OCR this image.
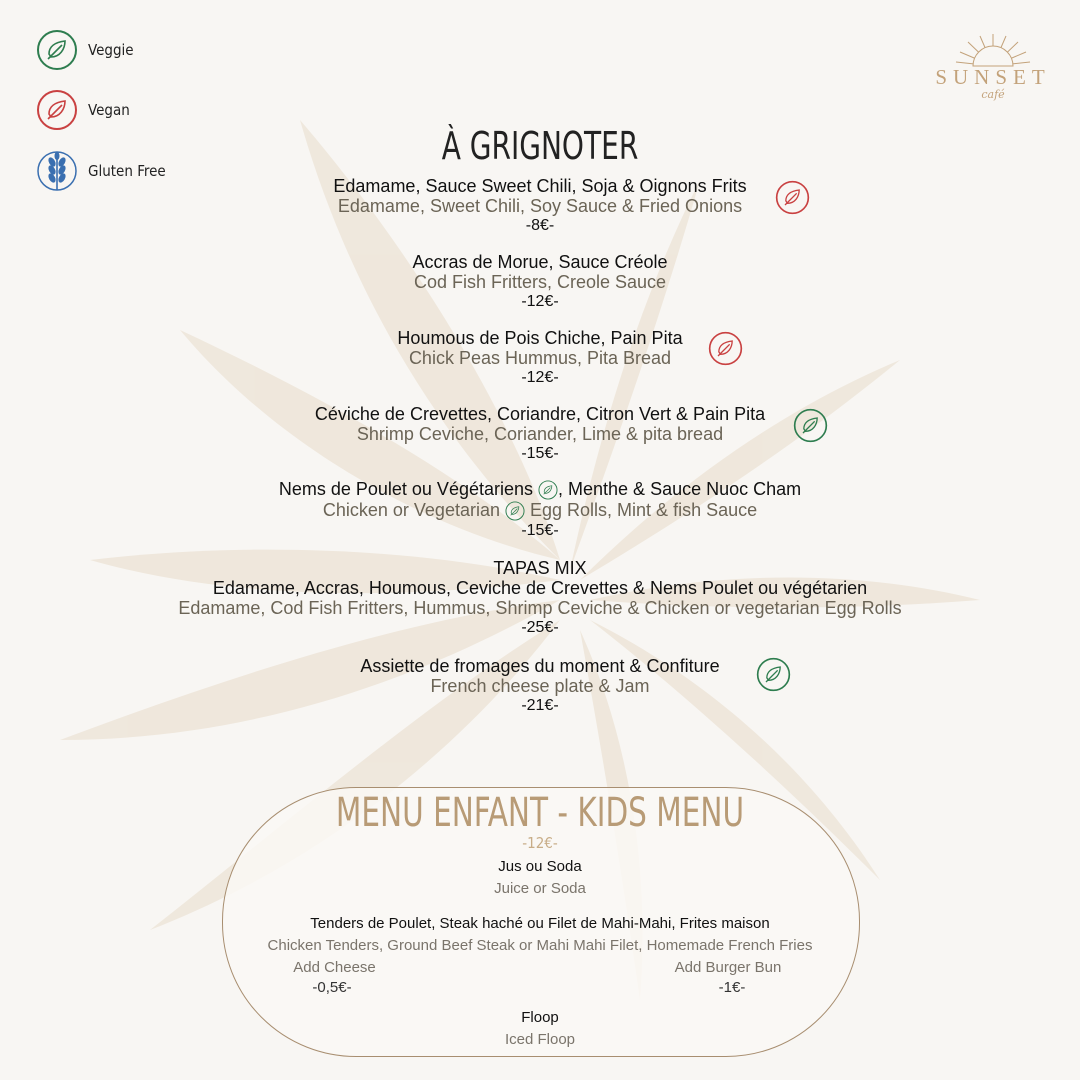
Veggie
Vegan
Gluten Free
SUNSET
café
À GRIGNOTER
Edamame, Sauce Sweet Chili, Soja & Oignons Frits
Edamame, Sweet Chili, Soy Sauce & Fried Onions
-8€-
Accras de Morue, Sauce Créole
Cod Fish Fritters, Creole Sauce
-12€-
Houmous de Pois Chiche, Pain Pita
Chick Peas Hummus, Pita Bread
-12€-
Céviche de Crevettes, Coriandre, Citron Vert & Pain Pita
Shrimp Ceviche, Coriander, Lime & pita bread
-15€-
Nems de Poulet ou Végétariens , Menthe & Sauce Nuoc Cham
Chicken or Vegetarian Egg Rolls, Mint & fish Sauce
-15€-
TAPAS MIX
Edamame, Accras, Houmous, Ceviche de Crevettes & Nems Poulet ou végétarien
Edamame, Cod Fish Fritters, Hummus, Shrimp Ceviche & Chicken or vegetarian Egg Rolls
-25€-
Assiette de fromages du moment & Confiture
French cheese plate & Jam
-21€-
MENU ENFANT - KIDS MENU
-12€-
Jus ou Soda
Juice or Soda
Tenders de Poulet, Steak haché ou Filet de Mahi-Mahi, Frites maison
Chicken Tenders, Ground Beef Steak or Mahi Mahi Filet, Homemade French Fries
Add Cheese
-0,5€-
Add Burger Bun
-1€-
Floop
Iced Floop
